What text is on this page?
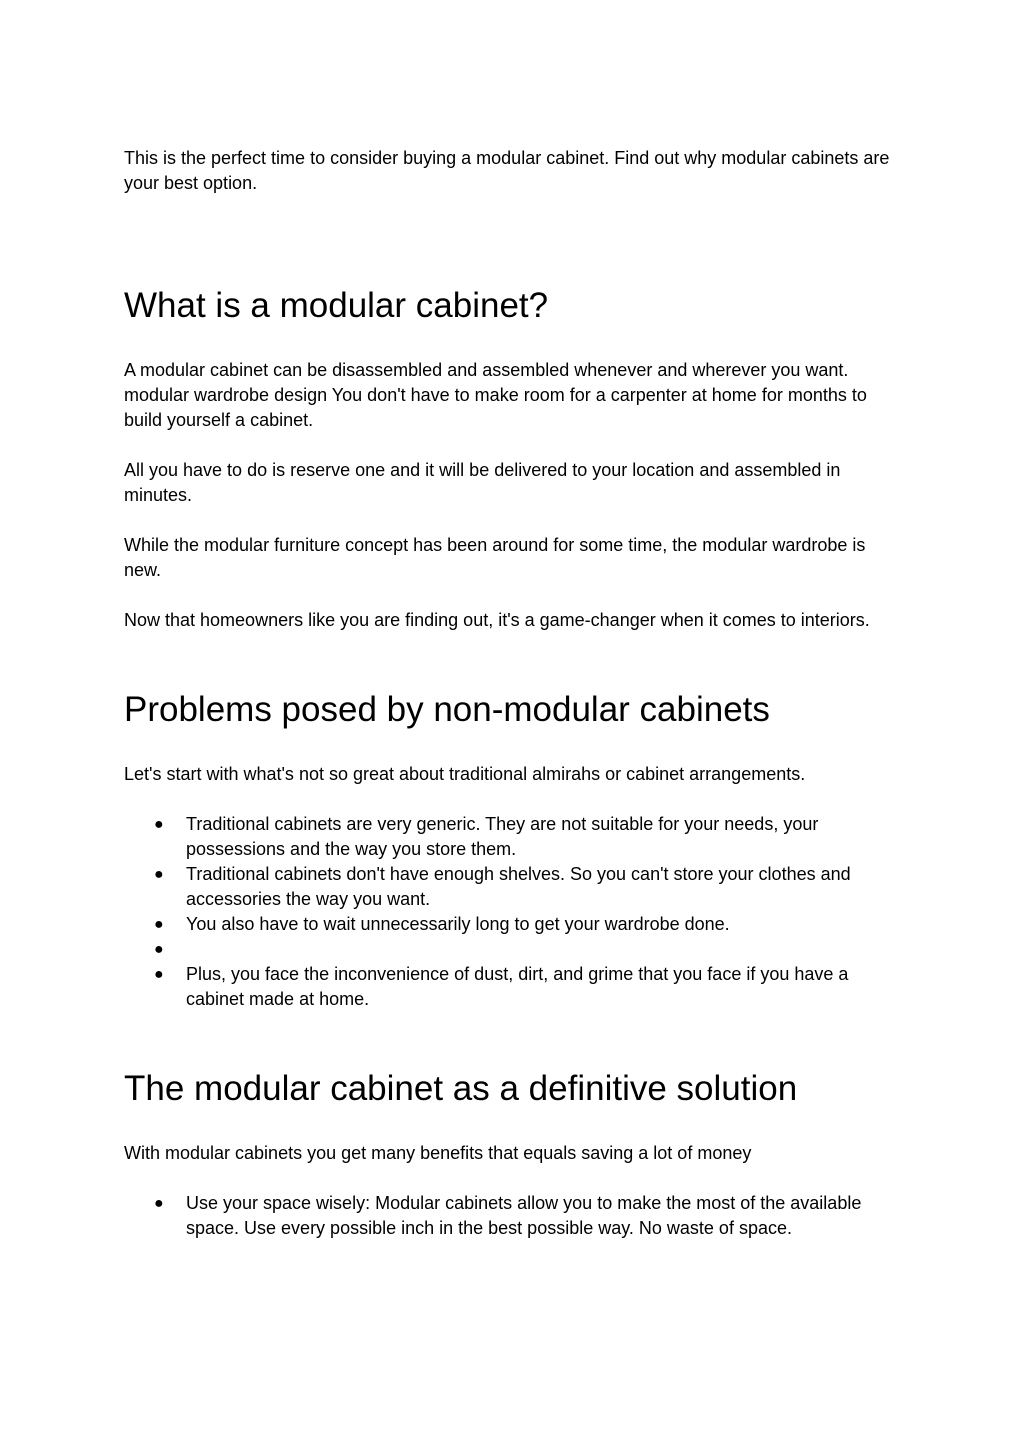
This is the perfect time to consider buying a modular cabinet. Find out why modular cabinets are your best option.

What is a modular cabinet?

A modular cabinet can be disassembled and assembled whenever and wherever you want. modular wardrobe design You don't have to make room for a carpenter at home for months to build yourself a cabinet.

All you have to do is reserve one and it will be delivered to your location and assembled in minutes.

While the modular furniture concept has been around for some time, the modular wardrobe is new.

Now that homeowners like you are finding out, it's a game-changer when it comes to interiors.

Problems posed by non-modular cabinets

Let's start with what's not so great about traditional almirahs or cabinet arrangements.

● Traditional cabinets are very generic. They are not suitable for your needs, your possessions and the way you store them.
● Traditional cabinets don't have enough shelves. So you can't store your clothes and accessories the way you want.
● You also have to wait unnecessarily long to get your wardrobe done.
●
● Plus, you face the inconvenience of dust, dirt, and grime that you face if you have a cabinet made at home.
The modular cabinet as a definitive solution

With modular cabinets you get many benefits that equals saving a lot of money

● Use your space wisely: Modular cabinets allow you to make the most of the available space. Use every possible inch in the best possible way. No waste of space.
